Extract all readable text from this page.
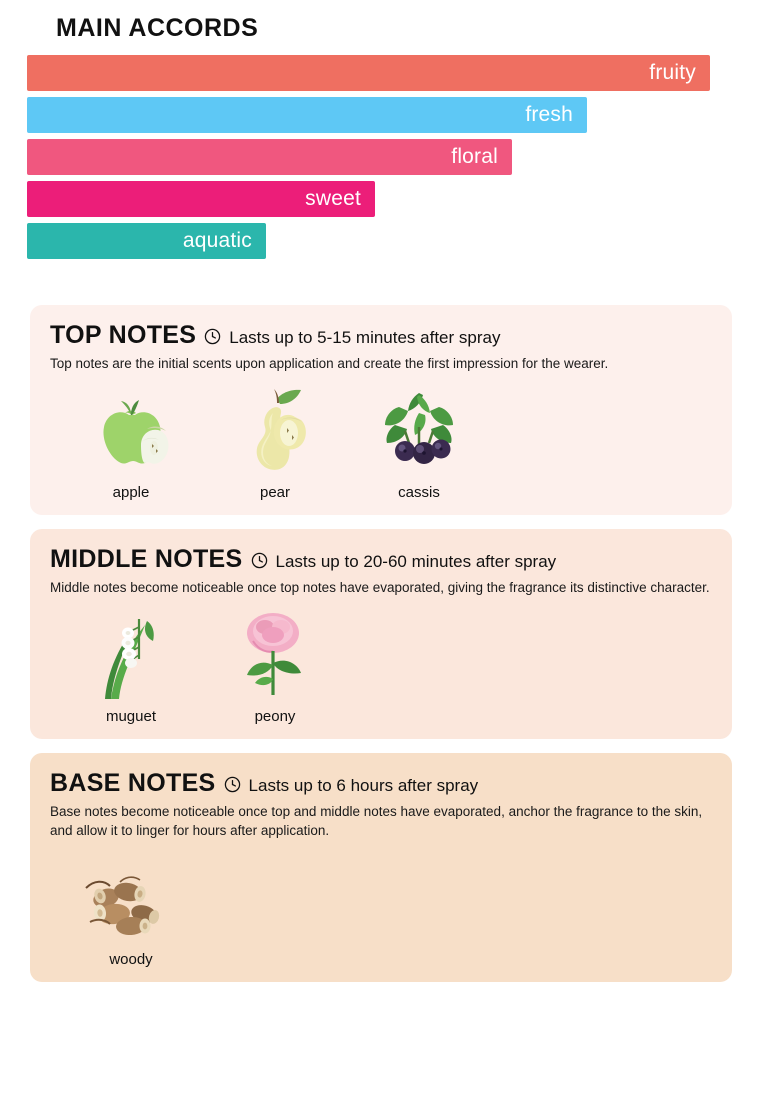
MAIN ACCORDS
fruity
fresh
floral
sweet
aquatic
TOP NOTES Lasts up to 5-15 minutes after spray
Top notes are the initial scents upon application and create the first impression for the wearer.
apple	pear	cassis
MIDDLE NOTES Lasts up to 20-60 minutes after spray
Middle notes become noticeable once top notes have evaporated, giving the fragrance its distinctive character.
muguet	peony
BASE NOTES Lasts up to 6 hours after spray
Base notes become noticeable once top and middle notes have evaporated, anchor the fragrance to the skin, and allow it to linger for hours after application.
woody
